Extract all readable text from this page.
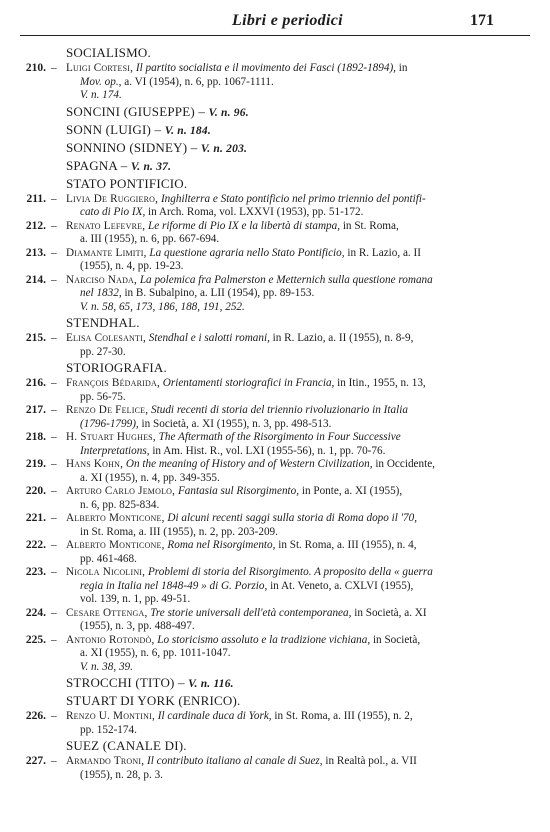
Libri e periodici	171
SOCIALISMO.
210. – Luigi Cortesi, Il partito socialista e il movimento dei Fasci (1892-1894), in
Mov. op., a. VI (1954), n. 6, pp. 1067-1111.
V. n. 174.
SONCINI (GIUSEPPE) – V. n. 96.
SONN (LUIGI) – V. n. 184.
SONNINO (SIDNEY) – V. n. 203.
SPAGNA – V. n. 37.
STATO PONTIFICIO.
211. – Livia De Ruggiero, Inghilterra e Stato pontificio nel primo triennio del pontifi-
cato di Pio IX, in Arch. Roma, vol. LXXVI (1953), pp. 51-172.
212. – Renato Lefevre, Le riforme di Pio IX e la libertà di stampa, in St. Roma,
a. III (1955), n. 6, pp. 667-694.
213. – Diamante Limiti, La questione agraria nello Stato Pontificio, in R. Lazio, a. II
(1955), n. 4, pp. 19-23.
214. – Narciso Nada, La polemica fra Palmerston e Metternich sulla questione romana
nel 1832, in B. Subalpino, a. LII (1954), pp. 89-153.
V. n. 58, 65, 173, 186, 188, 191, 252.
STENDHAL.
215. – Elisa Colesanti, Stendhal e i salotti romani, in R. Lazio, a. II (1955), n. 8-9,
pp. 27-30.
STORIOGRAFIA.
216. – François Bédarida, Orientamenti storiografici in Francia, in Itin., 1955, n. 13,
pp. 56-75.
217. – Renzo De Felice, Studi recenti di storia del triennio rivoluzionario in Italia
(1796-1799), in Società, a. XI (1955), n. 3, pp. 498-513.
218. – H. Stuart Hughes, The Aftermath of the Risorgimento in Four Successive
Interpretations, in Am. Hist. R., vol. LXI (1955-56), n. 1, pp. 70-76.
219. – Hans Kohn, On the meaning of History and of Western Civilization, in Occidente,
a. XI (1955), n. 4, pp. 349-355.
220. – Arturo Carlo Jemolo, Fantasia sul Risorgimento, in Ponte, a. XI (1955),
n. 6, pp. 825-834.
221. – Alberto Monticone, Di alcuni recenti saggi sulla storia di Roma dopo il '70,
in St. Roma, a. III (1955), n. 2, pp. 203-209.
222. – Alberto Monticone, Roma nel Risorgimento, in St. Roma, a. III (1955), n. 4,
pp. 461-468.
223. – Nicola Nicolini, Problemi di storia del Risorgimento. A proposito della « guerra
regia in Italia nel 1848-49 » di G. Porzio, in At. Veneto, a. CXLVI (1955),
vol. 139, n. 1, pp. 49-51.
224. – Cesare Ottenga, Tre storie universali dell'età contemporanea, in Società, a. XI
(1955), n. 3, pp. 488-497.
225. – Antonio Rotondò, Lo storicismo assoluto e la tradizione vichiana, in Società,
a. XI (1955), n. 6, pp. 1011-1047.
V. n. 38, 39.
STROCCHI (TITO) – V. n. 116.
STUART DI YORK (ENRICO).
226. – Renzo U. Montini, Il cardinale duca di York, in St. Roma, a. III (1955), n. 2,
pp. 152-174.
SUEZ (CANALE DI).
227. – Armando Troni, Il contributo italiano al canale di Suez, in Realtà pol., a. VII
(1955), n. 28, p. 3.
